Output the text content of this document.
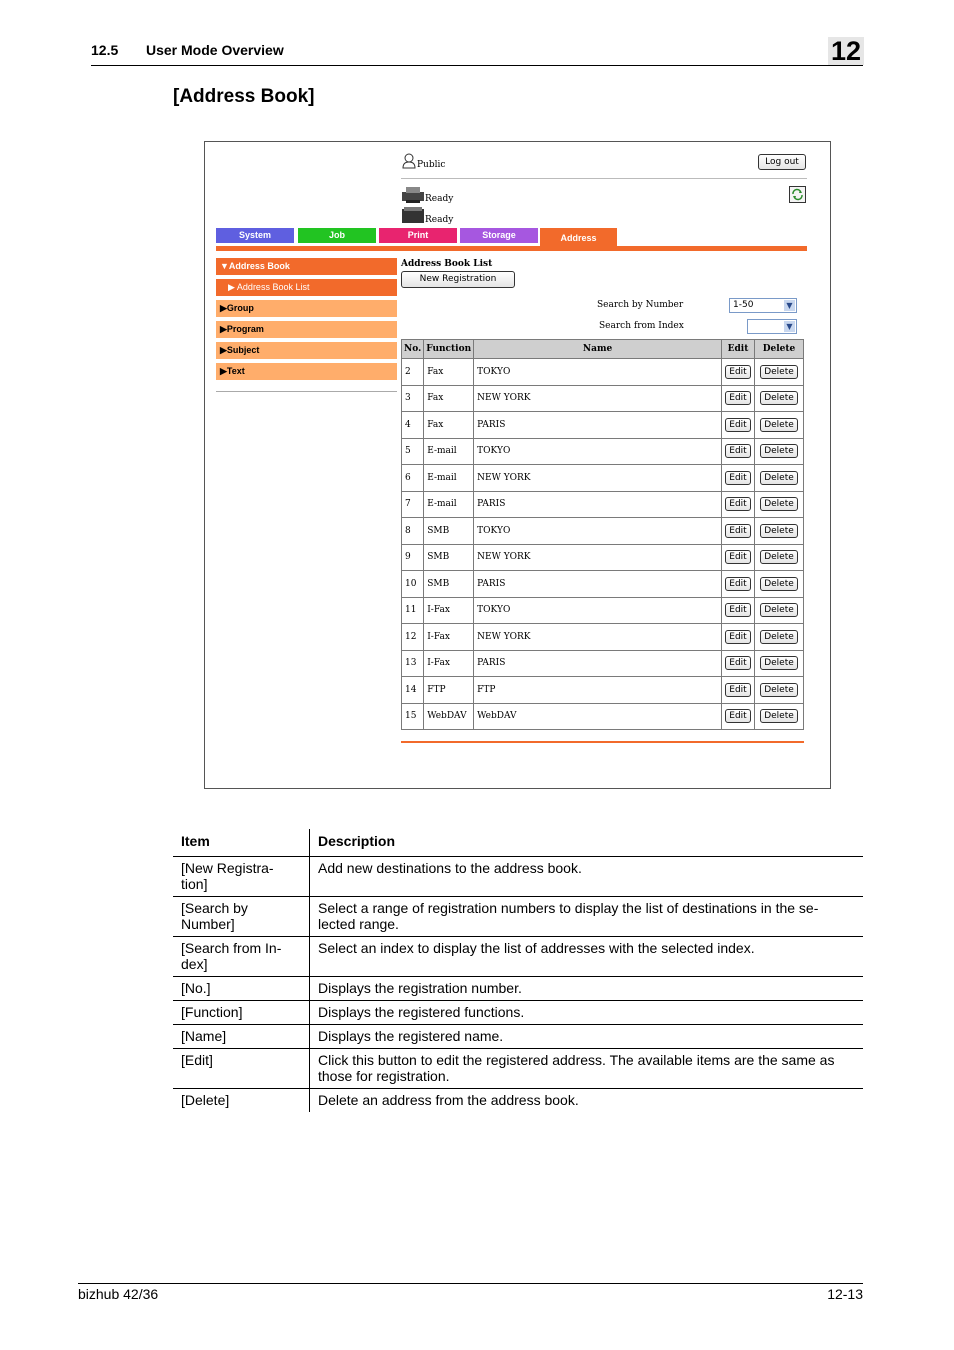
12.5 User Mode Overview	12
[Address Book]
Public	Log out
Ready
Ready
System	Job	Print	Storage	Address
▼Address Book
▶ Address Book List
▶Group
▶Program
▶Subject
▶Text
Address Book List
New Registration
Search by Number	1-50	▼
Search from Index	▼
No.	Function	Name	Edit	Delete
2	Fax	TOKYO	Edit	Delete
3	Fax	NEW YORK	Edit	Delete
4	Fax	PARIS	Edit	Delete
5	E-mail	TOKYO	Edit	Delete
6	E-mail	NEW YORK	Edit	Delete
7	E-mail	PARIS	Edit	Delete
8	SMB	TOKYO	Edit	Delete
9	SMB	NEW YORK	Edit	Delete
10	SMB	PARIS	Edit	Delete
11	I-Fax	TOKYO	Edit	Delete
12	I-Fax	NEW YORK	Edit	Delete
13	I-Fax	PARIS	Edit	Delete
14	FTP	FTP	Edit	Delete
15	WebDAV	WebDAV	Edit	Delete
Item	Description
[New Registra-
tion]	Add new destinations to the address book.
[Search by
Number]	Select a range of registration numbers to display the list of destinations in the se-
lected range.
[Search from In-
dex]	Select an index to display the list of addresses with the selected index.
[No.]	Displays the registration number.
[Function]	Displays the registered functions.
[Name]	Displays the registered name.
[Edit]	Click this button to edit the registered address. The available items are the same as
those for registration.
[Delete]	Delete an address from the address book.
bizhub 42/36	12-13
